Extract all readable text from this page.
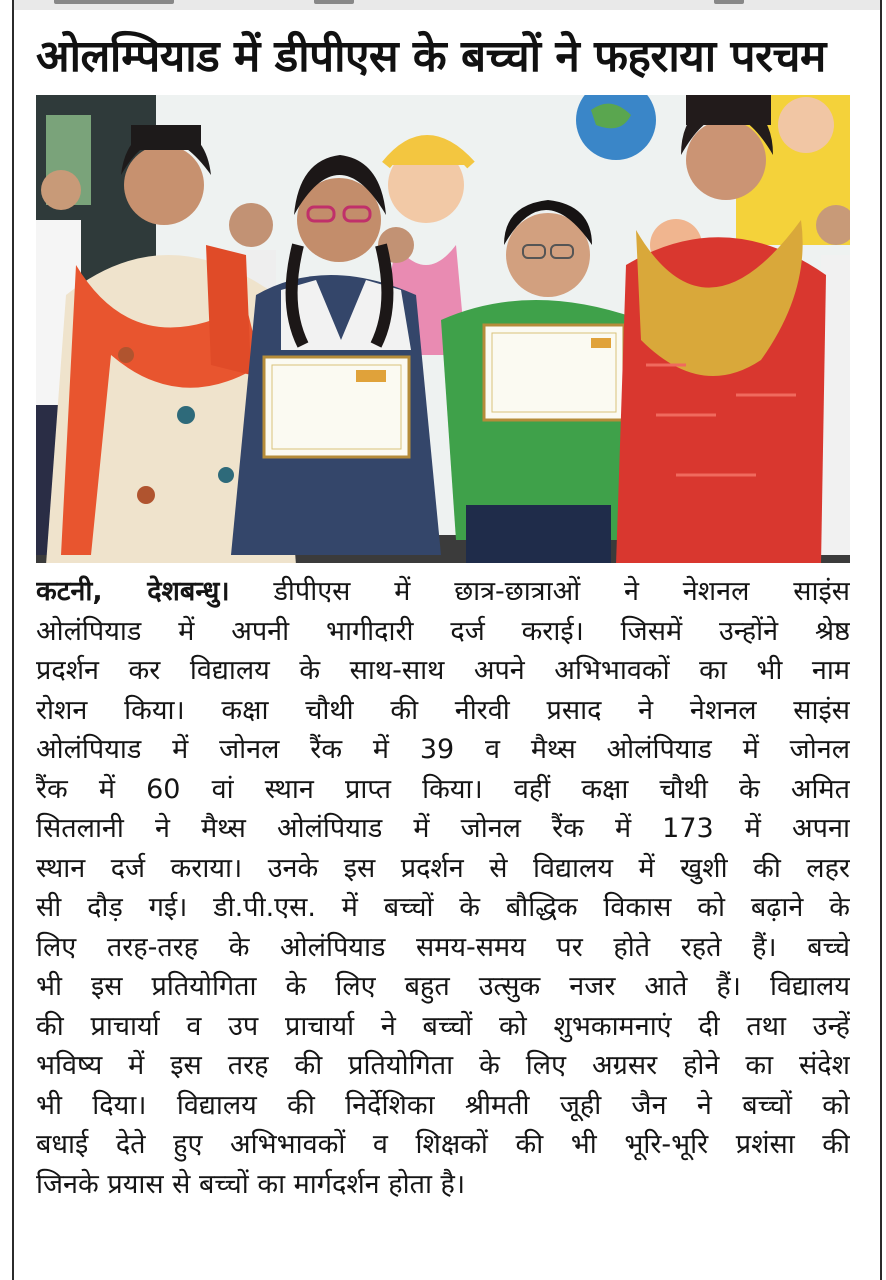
ओलम्पियाड में डीपीएस के बच्चों ने फहराया परचम
कटनी, देशबन्धु। डीपीएस में छात्र-छात्राओं ने नेशनल साइंस
ओलंपियाड में अपनी भागीदारी दर्ज कराई। जिसमें उन्होंने श्रेष्ठ
प्रदर्शन कर विद्यालय के साथ-साथ अपने अभिभावकों का भी नाम
रोशन किया। कक्षा चौथी की नीरवी प्रसाद ने नेशनल साइंस
ओलंपियाड में जोनल रैंक में 39 व मैथ्स ओलंपियाड में जोनल
रैंक में 60 वां स्थान प्राप्त किया। वहीं कक्षा चौथी के अमित
सितलानी ने मैथ्स ओलंपियाड में जोनल रैंक में 173 में अपना
स्थान दर्ज कराया। उनके इस प्रदर्शन से विद्यालय में खुशी की लहर
सी दौड़ गई। डी.पी.एस. में बच्चों के बौद्धिक विकास को बढ़ाने के
लिए तरह-तरह के ओलंपियाड समय-समय पर होते रहते हैं। बच्चे
भी इस प्रतियोगिता के लिए बहुत उत्सुक नजर आते हैं। विद्यालय
की प्राचार्या व उप प्राचार्या ने बच्चों को शुभकामनाएं दी तथा उन्हें
भविष्य में इस तरह की प्रतियोगिता के लिए अग्रसर होने का संदेश
भी दिया। विद्यालय की निर्देशिका श्रीमती जूही जैन ने बच्चों को
बधाई देते हुए अभिभावकों व शिक्षकों की भी भूरि-भूरि प्रशंसा की
जिनके प्रयास से बच्चों का मार्गदर्शन होता है।
